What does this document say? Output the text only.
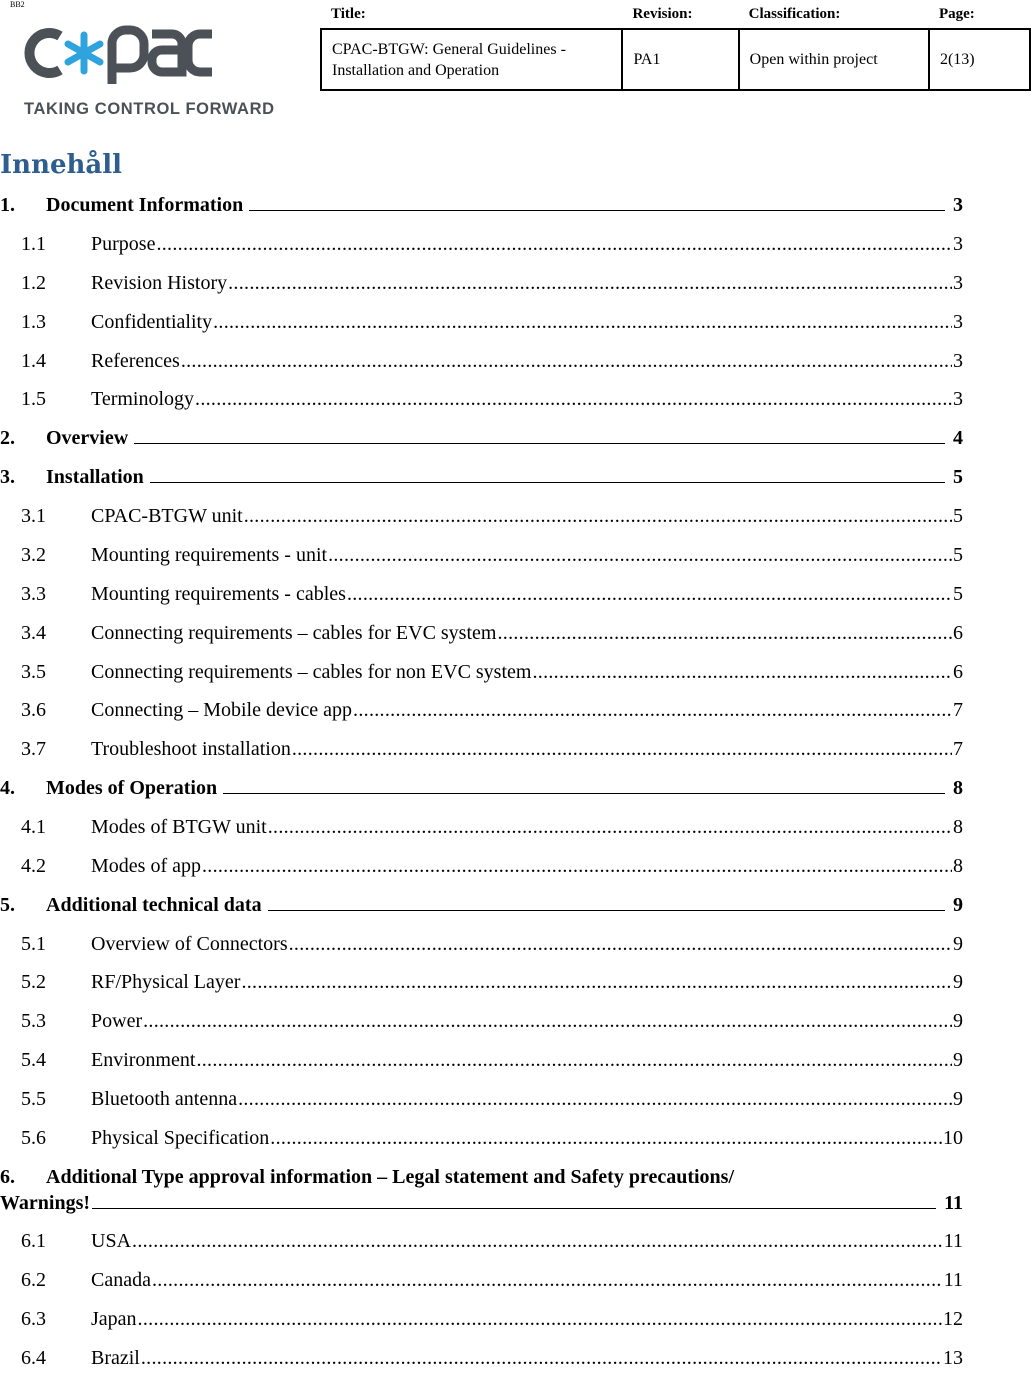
BB2
TAKING CONTROL FORWARD
Title:	Revision:	Classification:	Page:
CPAC-BTGW: General Guidelines - Installation and Operation	PA1	Open within project	2(13)
Innehåll
1.	Document Information	3
1.1	Purpose .....	3
1.2	Revision History .....	3
1.3	Confidentiality .....	3
1.4	References .....	3
1.5	Terminology .....	3
2.	Overview	4
3.	Installation	5
3.1	CPAC-BTGW unit .....	5
3.2	Mounting requirements - unit .....	5
3.3	Mounting requirements - cables .....	5
3.4	Connecting requirements – cables for EVC system .....	6
3.5	Connecting requirements – cables for non EVC system .....	6
3.6	Connecting – Mobile device app .....	7
3.7	Troubleshoot installation .....	7
4.	Modes of Operation	8
4.1	Modes of BTGW unit .....	8
4.2	Modes of app .....	8
5.	Additional technical data	9
5.1	Overview of Connectors .....	9
5.2	RF/Physical Layer .....	9
5.3	Power .....	9
5.4	Environment .....	9
5.5	Bluetooth antenna .....	9
5.6	Physical Specification .....	10
6. Additional Type approval information – Legal statement and Safety precautions/
Warnings!	11
6.1	USA .....	11
6.2	Canada .....	11
6.3	Japan .....	12
6.4	Brazil .....	13
